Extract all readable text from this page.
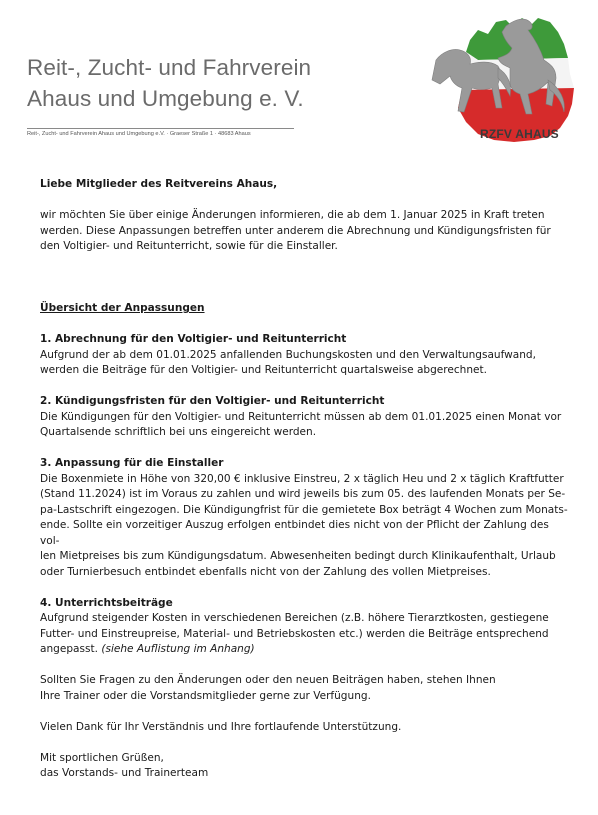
Reit-, Zucht- und Fahrverein
Ahaus und Umgebung e. V.
Reit-, Zucht- und Fahrverein Ahaus und Umgebung e.V. · Graeser Straße 1 · 48683 Ahaus	RZFV AHAUS

Liebe Mitglieder des Reitvereins Ahaus,

wir möchten Sie über einige Änderungen informieren, die ab dem 1. Januar 2025 in Kraft treten

werden. Diese Anpassungen betreffen unter anderem die Abrechnung und Kündigungsfristen für

den Voltigier- und Reitunterricht, sowie für die Einstaller.

Übersicht der Anpassungen

1. Abrechnung für den Voltigier- und Reitunterricht

Aufgrund der ab dem 01.01.2025 anfallenden Buchungskosten und den Verwaltungsaufwand,

werden die Beiträge für den Voltigier- und Reitunterricht quartalsweise abgerechnet.

2. Kündigungsfristen für den Voltigier- und Reitunterricht

Die Kündigungen für den Voltigier- und Reitunterricht müssen ab dem 01.01.2025 einen Monat vor

Quartalsende schriftlich bei uns eingereicht werden.

3. Anpassung für die Einstaller

Die Boxenmiete in Höhe von 320,00 € inklusive Einstreu, 2 x täglich Heu und 2 x täglich Kraftfutter

(Stand 11.2024) ist im Voraus zu zahlen und wird jeweils bis zum 05. des laufenden Monats per Se-

pa-Lastschrift eingezogen. Die Kündigungfrist für die gemietete Box beträgt 4 Wochen zum Monats-

ende. Sollte ein vorzeitiger Auszug erfolgen entbindet dies nicht von der Pflicht der Zahlung des vol-

len Mietpreises bis zum Kündigungsdatum. Abwesenheiten bedingt durch Klinikaufenthalt, Urlaub

oder Turnierbesuch entbindet ebenfalls nicht von der Zahlung des vollen Mietpreises.

4. Unterrichtsbeiträge

Aufgrund steigender Kosten in verschiedenen Bereichen (z.B. höhere Tierarztkosten, gestiegene

Futter- und Einstreupreise, Material- und Betriebskosten etc.) werden die Beiträge entsprechend

angepasst. (siehe Auflistung im Anhang)

Sollten Sie Fragen zu den Änderungen oder den neuen Beiträgen haben, stehen Ihnen

Ihre Trainer oder die Vorstandsmitglieder gerne zur Verfügung.

Vielen Dank für Ihr Verständnis und Ihre fortlaufende Unterstützung.

Mit sportlichen Grüßen,

das Vorstands- und Trainerteam
